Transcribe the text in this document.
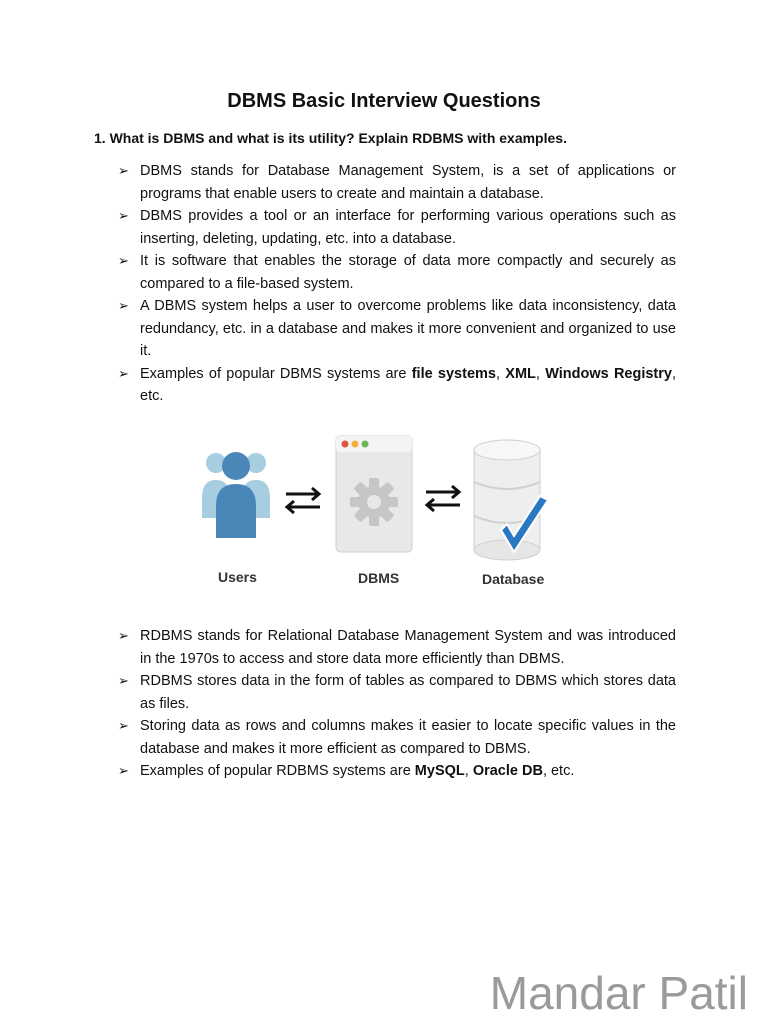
DBMS Basic Interview Questions

1. What is DBMS and what is its utility? Explain RDBMS with examples.

➢ DBMS stands for Database Management System, is a set of applications or programs that enable users to create and maintain a database.
➢ DBMS provides a tool or an interface for performing various operations such as inserting, deleting, updating, etc. into a database.
➢ It is software that enables the storage of data more compactly and securely as compared to a file-based system.
➢ A DBMS system helps a user to overcome problems like data inconsistency, data redundancy, etc. in a database and makes it more convenient and organized to use it.
➢ Examples of popular DBMS systems are file systems, XML, Windows Registry, etc.
Users	DBMS	Database
➢ RDBMS stands for Relational Database Management System and was introduced in the 1970s to access and store data more efficiently than DBMS.
➢ RDBMS stores data in the form of tables as compared to DBMS which stores data as files.
➢ Storing data as rows and columns makes it easier to locate specific values in the database and makes it more efficient as compared to DBMS.
➢ Examples of popular RDBMS systems are MySQL, Oracle DB, etc.
Mandar Patil
